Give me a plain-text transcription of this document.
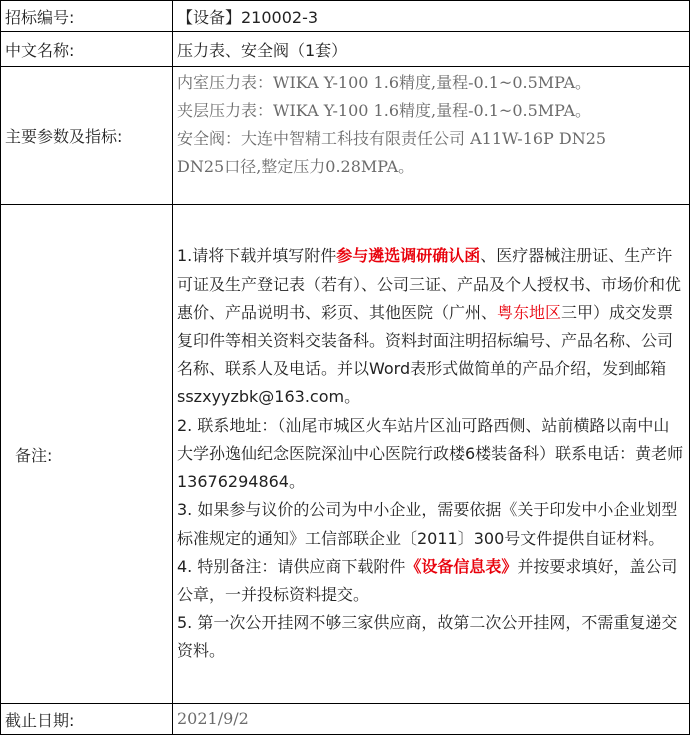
招标编号:	【设备】210002-3
中文名称:	压力表、安全阀（1套）
主要参数及指标:	内室压力表：WIKA Y-100 1.6精度,量程-0.1~0.5MPA。
夹层压力表：WIKA Y-100 1.6精度,量程-0.1~0.5MPA。
安全阀：大连中智精工科技有限责任公司 A11W-16P DN25
DN25口径,整定压力0.28MPA。

备注:	1.请将下载并填写附件参与遴选调研确认函、医疗器械注册证、生产许可证及生产登记表（若有）、公司三证、产品及个人授权书、市场价和优惠价、产品说明书、彩页、其他医院（广州、粤东地区三甲）成交发票复印件等相关资料交装备科。资料封面注明招标编号、产品名称、公司名称、联系人及电话。并以Word表形式做简单的产品介绍，发到邮箱sszxyyzbk@163.com。

2. 联系地址：（汕尾市城区火车站片区汕可路西侧、站前横路以南中山大学孙逸仙纪念医院深汕中心医院行政楼6楼装备科）联系电话：黄老师13676294864。

3. 如果参与议价的公司为中小企业，需要依据《关于印发中小企业划型标准规定的通知》工信部联企业〔2011〕300号文件提供自证材料。

4. 特别备注：请供应商下载附件《设备信息表》并按要求填好，盖公司公章，一并投标资料提交。

5. 第一次公开挂网不够三家供应商，故第二次公开挂网，不需重复递交资料。

截止日期:	2021/9/2
